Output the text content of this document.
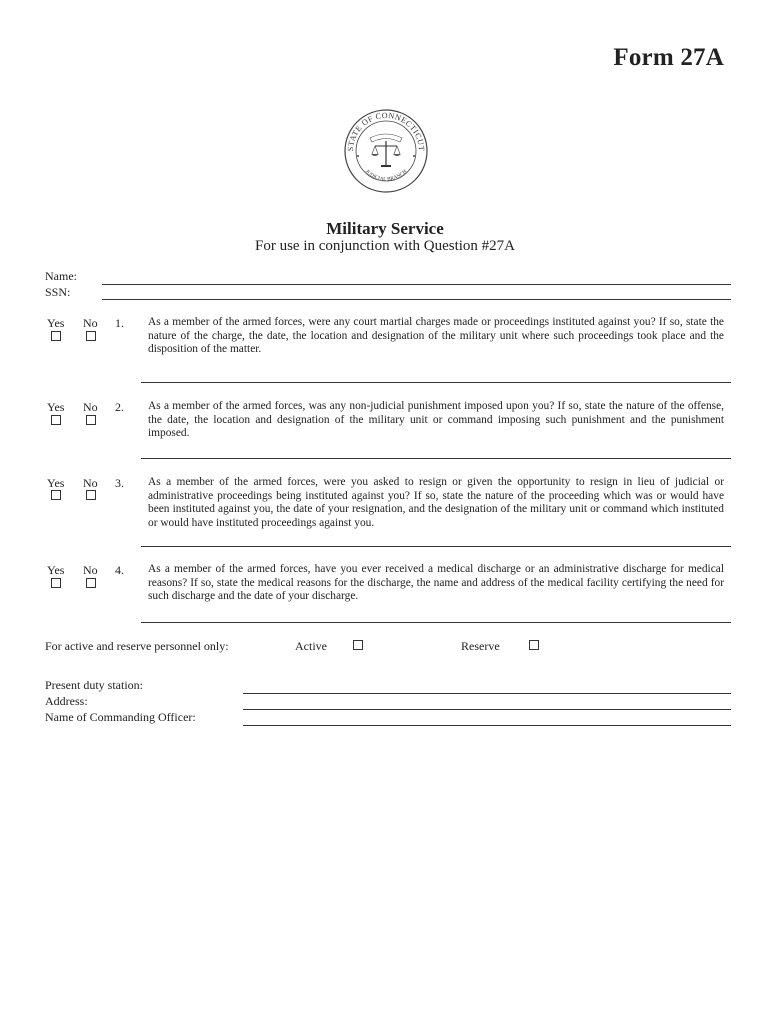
Form 27A
STATE OF CONNECTICUT
JUDICIAL BRANCH
Military Service
For use in conjunction with Question #27A
Name:
SSN:
Yes No 1. As a member of the armed forces, were any court martial charges made or proceedings instituted against you? If so, state the nature of the charge, the date, the location and designation of the military unit where such proceedings took place and the disposition of the matter.
Yes No 2. As a member of the armed forces, was any non-judicial punishment imposed upon you? If so, state the nature of the offense, the date, the location and designation of the military unit or command imposing such punishment and the punishment imposed.
Yes No 3. As a member of the armed forces, were you asked to resign or given the opportunity to resign in lieu of judicial or administrative proceedings being instituted against you? If so, state the nature of the proceeding which was or would have been instituted against you, the date of your resignation, and the designation of the military unit or command which instituted or would have instituted proceedings against you.
Yes No 4. As a member of the armed forces, have you ever received a medical discharge or an administrative discharge for medical reasons? If so, state the medical reasons for the discharge, the name and address of the medical facility certifying the need for such discharge and the date of your discharge.
For active and reserve personnel only:	Active	Reserve
Present duty station:
Address:
Name of Commanding Officer:
